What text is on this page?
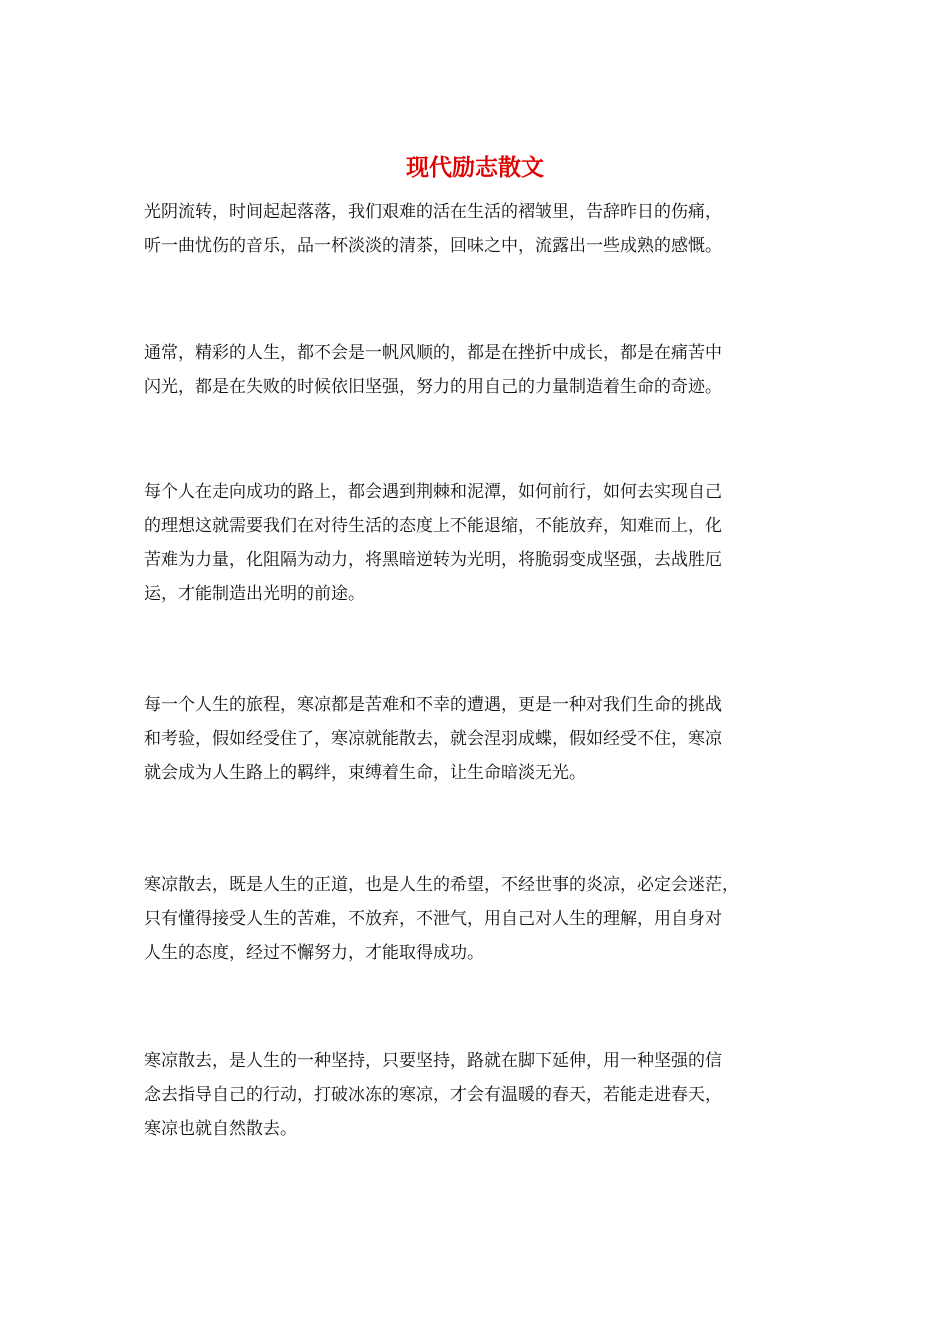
现代励志散文

光阴流转，时间起起落落，我们艰难的活在生活的褶皱里，告辞昨日的伤痛，
听一曲忧伤的音乐，品一杯淡淡的清茶，回味之中，流露出一些成熟的感慨。

通常，精彩的人生，都不会是一帆风顺的，都是在挫折中成长，都是在痛苦中
闪光，都是在失败的时候依旧坚强，努力的用自己的力量制造着生命的奇迹。

每个人在走向成功的路上，都会遇到荆棘和泥潭，如何前行，如何去实现自己
的理想这就需要我们在对待生活的态度上不能退缩，不能放弃，知难而上，化
苦难为力量，化阻隔为动力，将黑暗逆转为光明，将脆弱变成坚强，去战胜厄
运，才能制造出光明的前途。

每一个人生的旅程，寒凉都是苦难和不幸的遭遇，更是一种对我们生命的挑战
和考验，假如经受住了，寒凉就能散去，就会涅羽成蝶，假如经受不住，寒凉
就会成为人生路上的羁绊，束缚着生命，让生命暗淡无光。

寒凉散去，既是人生的正道，也是人生的希望，不经世事的炎凉，必定会迷茫，
只有懂得接受人生的苦难，不放弃，不泄气，用自己对人生的理解，用自身对
人生的态度，经过不懈努力，才能取得成功。

寒凉散去，是人生的一种坚持，只要坚持，路就在脚下延伸，用一种坚强的信
念去指导自己的行动，打破冰冻的寒凉，才会有温暖的春天，若能走进春天，
寒凉也就自然散去。
